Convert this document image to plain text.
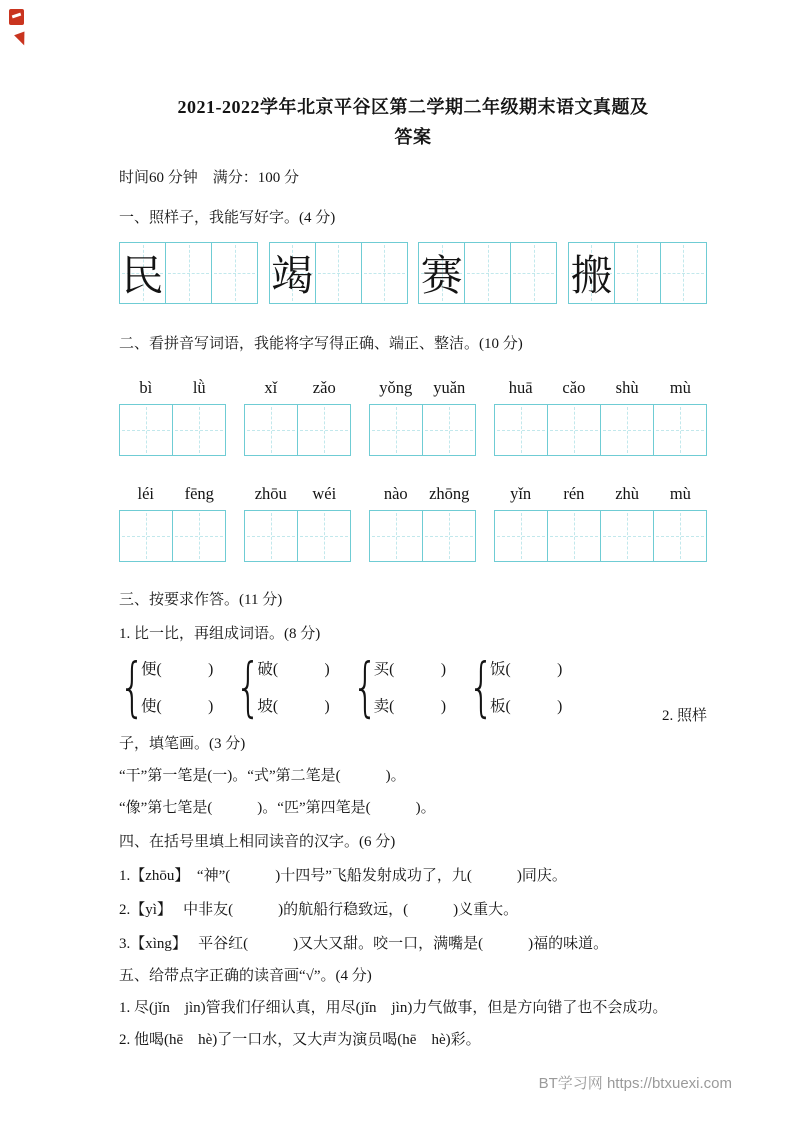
2021-2022学年北京平谷区第二学期二年级期末语文真题及
答案

时间60 分钟　满分：100 分

一、照样子，我能写好字。(4 分)

民	竭	赛	搬

二、看拼音写词语，我能将字写得正确、端正、整洁。(10 分)

bì	lǜ	xǐ	zǎo	yǒng	yuǎn	huā	cǎo	shù	mù
léi	fēng	zhōu	wéi	nào	zhōng	yǐn	rén	zhù	mù

三、按要求作答。(11 分)

1. 比一比，再组成词语。(8 分)

{
便(　　　)
使(　　　) {
破(　　　)
坡(　　　) {
买(　　　)
卖(　　　) {
饭(　　　)
板(　　　)
2. 照样

子，填笔画。(3 分)

“干”第一笔是(一)。“式”第二笔是(　　　)。

“像”第七笔是(　　　)。“匹”第四笔是(　　　)。

四、在括号里填上相同读音的汉字。(6 分)

1.【zhōu】　“神”(　　　)十四号”飞船发射成功了，九(　　　)同庆。

2.【yì】　 中非友(　　　)的航船行稳致远，(　　　)义重大。

3.【xìng】　 平谷红(　　　)又大又甜。咬一口，满嘴是(　　　)福的味道。

五、给带点字正确的读音画“√”。(4 分)

1. 尽(jǐn　jìn)管我们仔细认真，用尽(jǐn　jìn)力气做事，但是方向错了也不会成功。

2. 他喝(hē　hè)了一口水，又大声为演员喝(hē　hè)彩。

BT学习网 https://btxuexi.com
